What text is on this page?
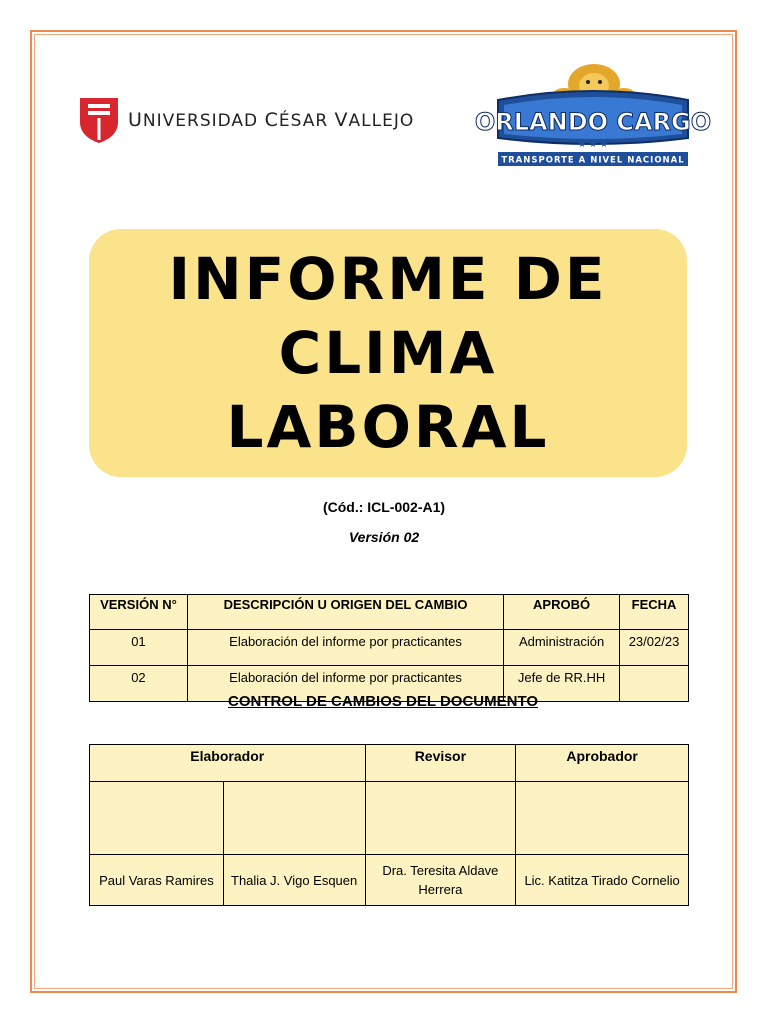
UNIVERSIDAD CÉSAR VALLEJO	ORLANDO CARGO
★ ★ ★
TRANSPORTE A NIVEL NACIONAL
INFORME DE
CLIMA
LABORAL
(Cód.: ICL-002-A1)
Versión 02
VERSIÓN N°	DESCRIPCIÓN U ORIGEN DEL CAMBIO	APROBÓ	FECHA
01	Elaboración del informe por practicantes	Administración	23/02/23
02	Elaboración del informe por practicantes	Jefe de RR.HH	
CONTROL DE CAMBIOS DEL DOCUMENTO
Elaborador		Revisor	Aprobador

Paul Varas Ramires	Thalia J. Vigo Esquen	Dra. Teresita Aldave Herrera	Lic. Katitza Tirado Cornelio
